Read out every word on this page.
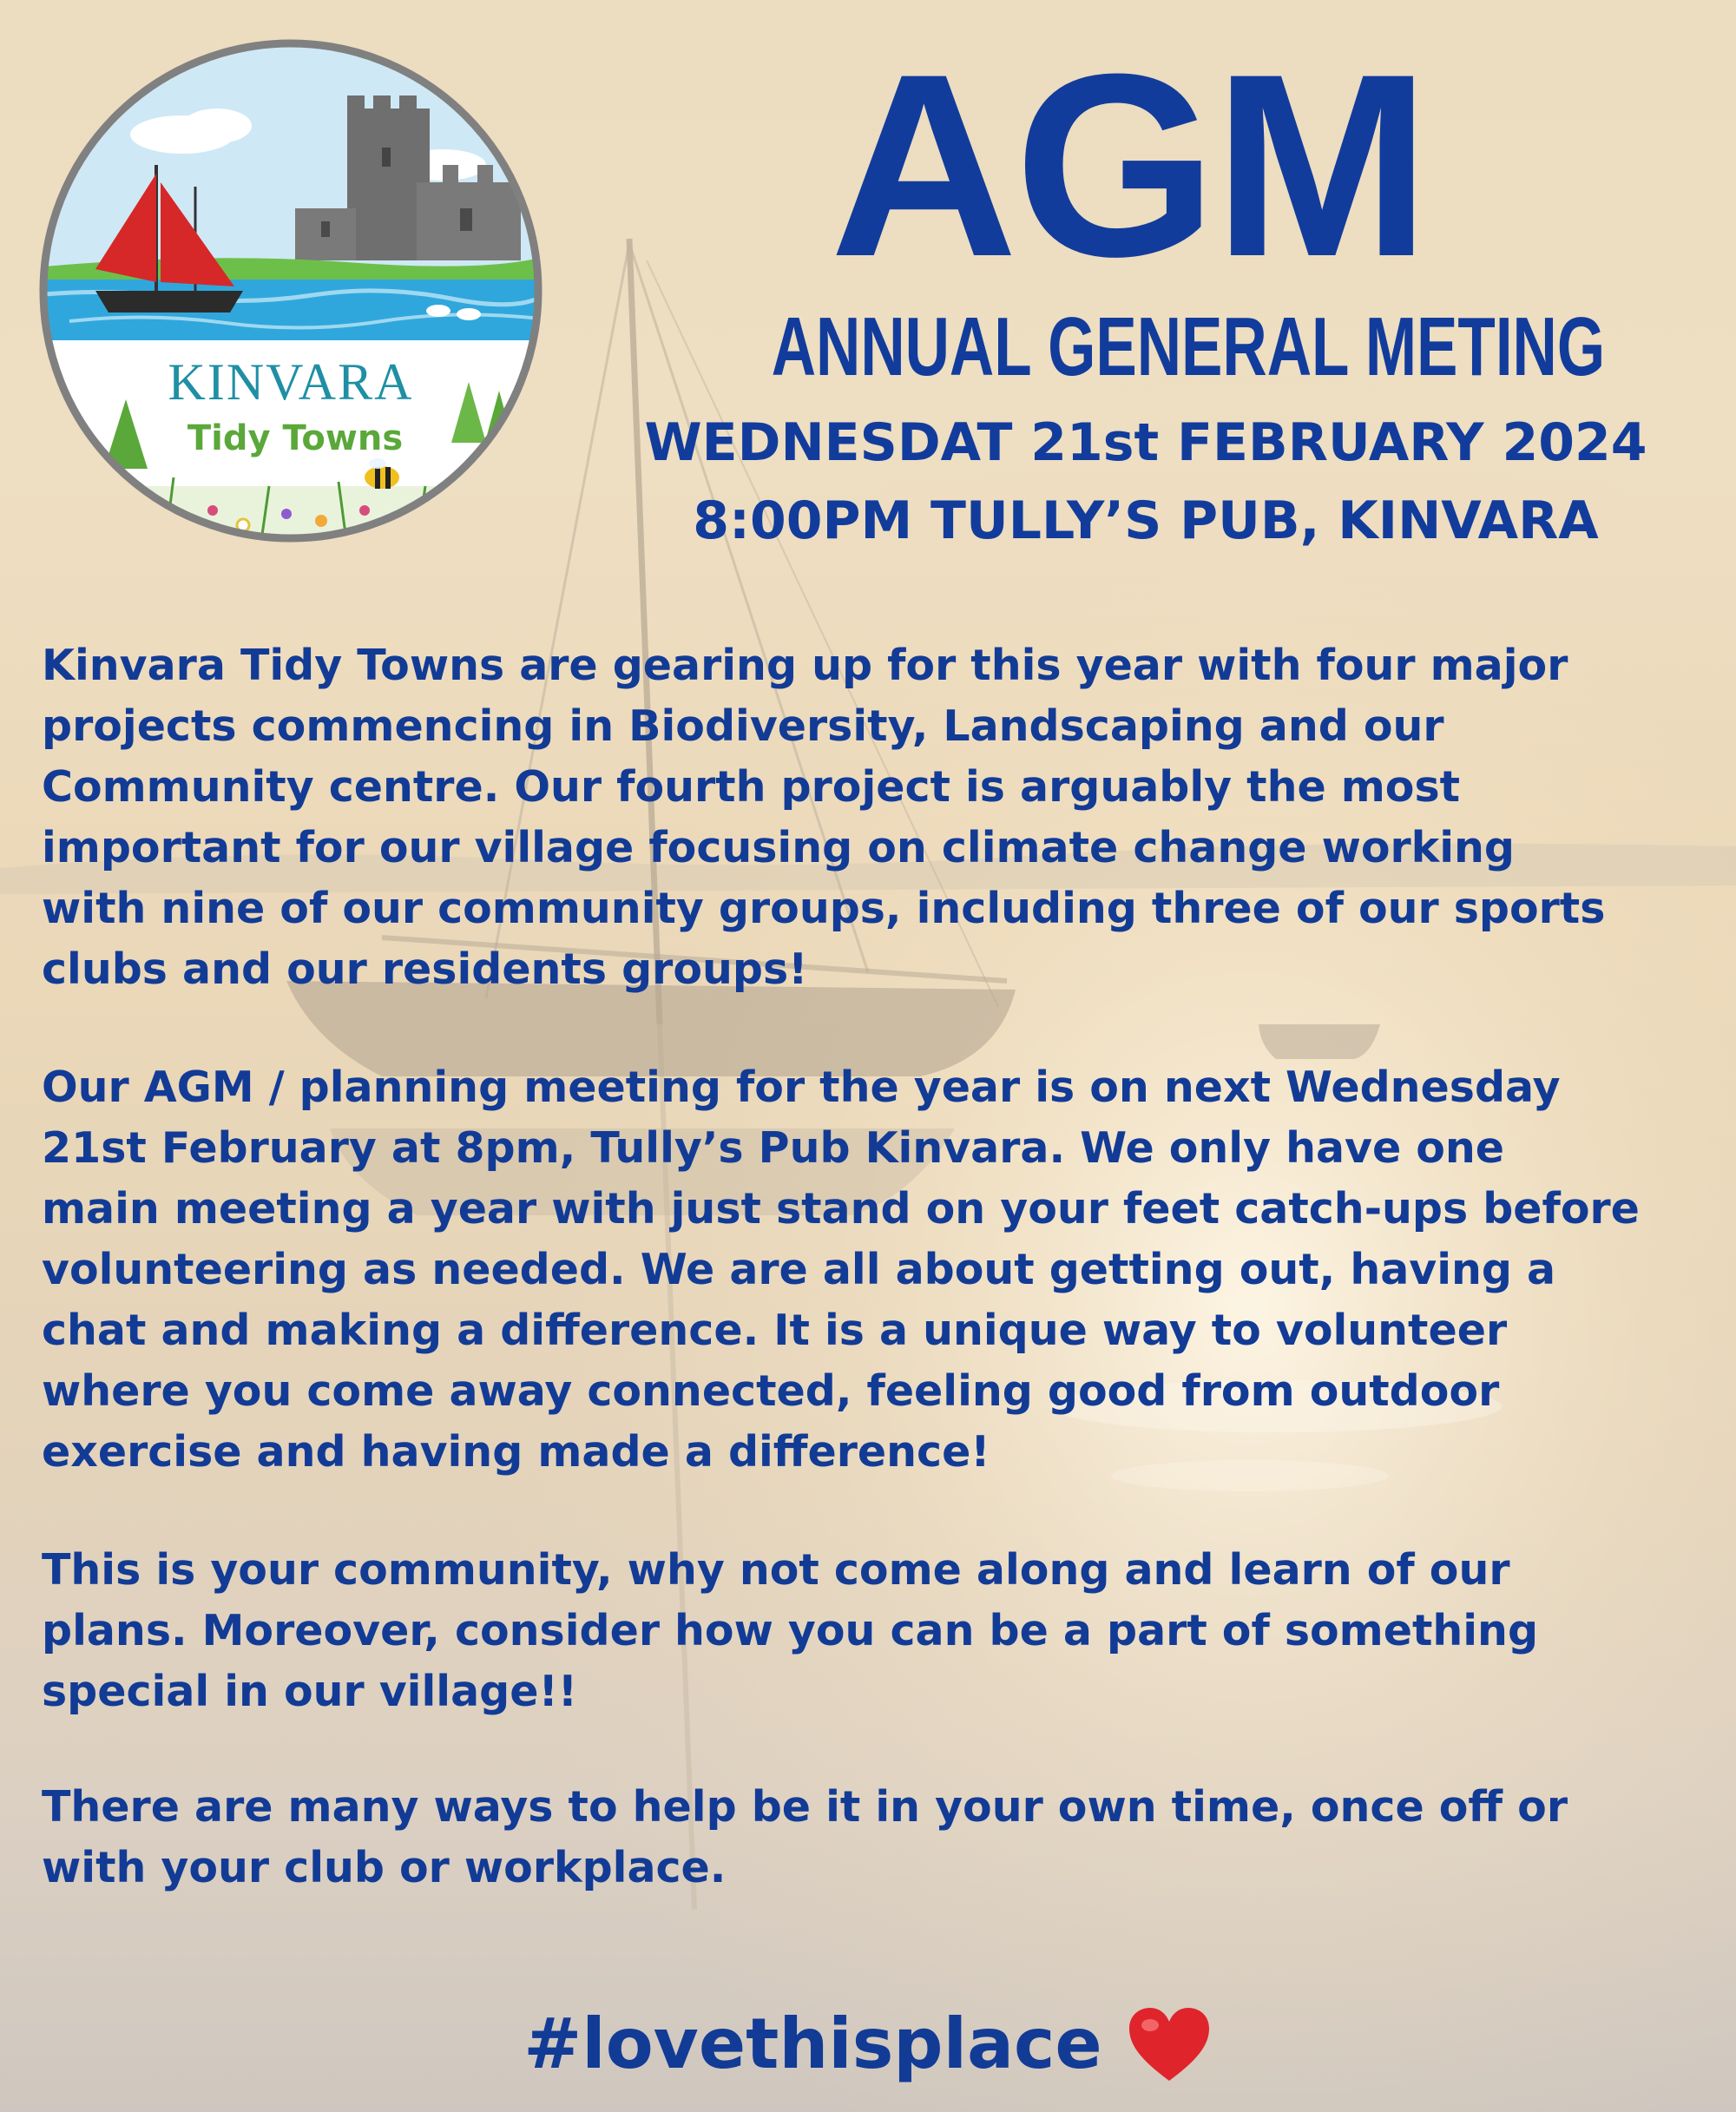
KINVARA
Tidy Towns
AGM
ANNUAL GENERAL METING
WEDNESDAT 21st FEBRUARY 2024
8:00PM TULLY’S PUB, KINVARA

Kinvara Tidy Towns are gearing up for this year with four major
projects commencing in Biodiversity, Landscaping and our
Community centre. Our fourth project is arguably the most
important for our village focusing on climate change working
with nine of our community groups, including three of our sports
clubs and our residents groups!

Our AGM / planning meeting for the year is on next Wednesday
21st February at 8pm, Tully’s Pub Kinvara. We only have one
main meeting a year with just stand on your feet catch-ups before
volunteering as needed. We are all about getting out, having a
chat and making a difference. It is a unique way to volunteer
where you come away connected, feeling good from outdoor
exercise and having made a difference!

This is your community, why not come along and learn of our
plans. Moreover, consider how you can be a part of something
special in our village!!

There are many ways to help be it in your own time, once off or
with your club or workplace.

#lovethisplace
